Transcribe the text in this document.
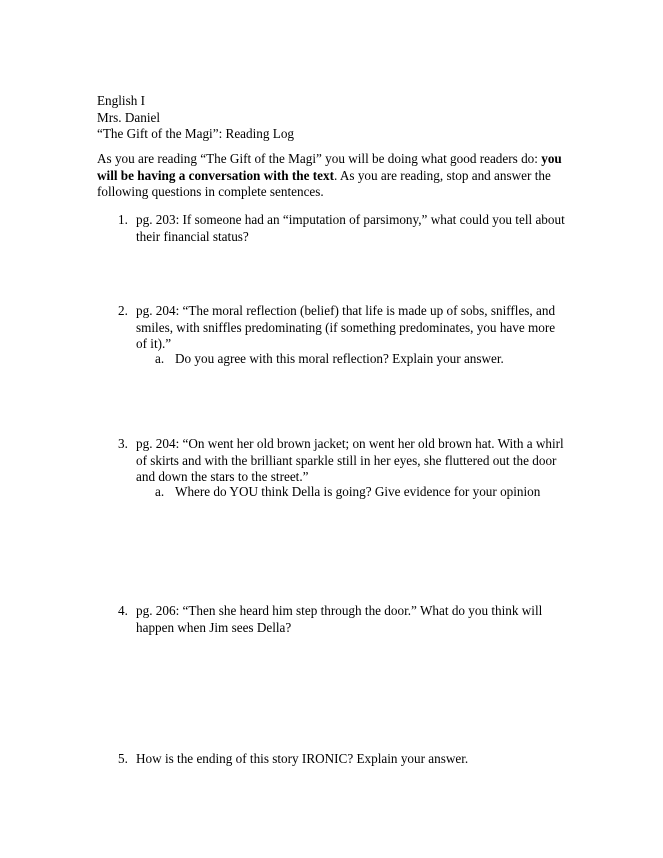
English I
Mrs. Daniel
“The Gift of the Magi”: Reading Log
As you are reading “The Gift of the Magi” you will be doing what good readers do: you will be having a conversation with the text. As you are reading, stop and answer the following questions in complete sentences.
1. pg. 203: If someone had an “imputation of parsimony,” what could you tell about their financial status?
2. pg. 204: “The moral reflection (belief) that life is made up of sobs, sniffles, and smiles, with sniffles predominating (if something predominates, you have more of it).”
a. Do you agree with this moral reflection? Explain your answer.
3. pg. 204: “On went her old brown jacket; on went her old brown hat. With a whirl of skirts and with the brilliant sparkle still in her eyes, she fluttered out the door and down the stars to the street.”
a. Where do YOU think Della is going? Give evidence for your opinion
4. pg. 206: “Then she heard him step through the door.” What do you think will happen when Jim sees Della?
5. How is the ending of this story IRONIC? Explain your answer.
